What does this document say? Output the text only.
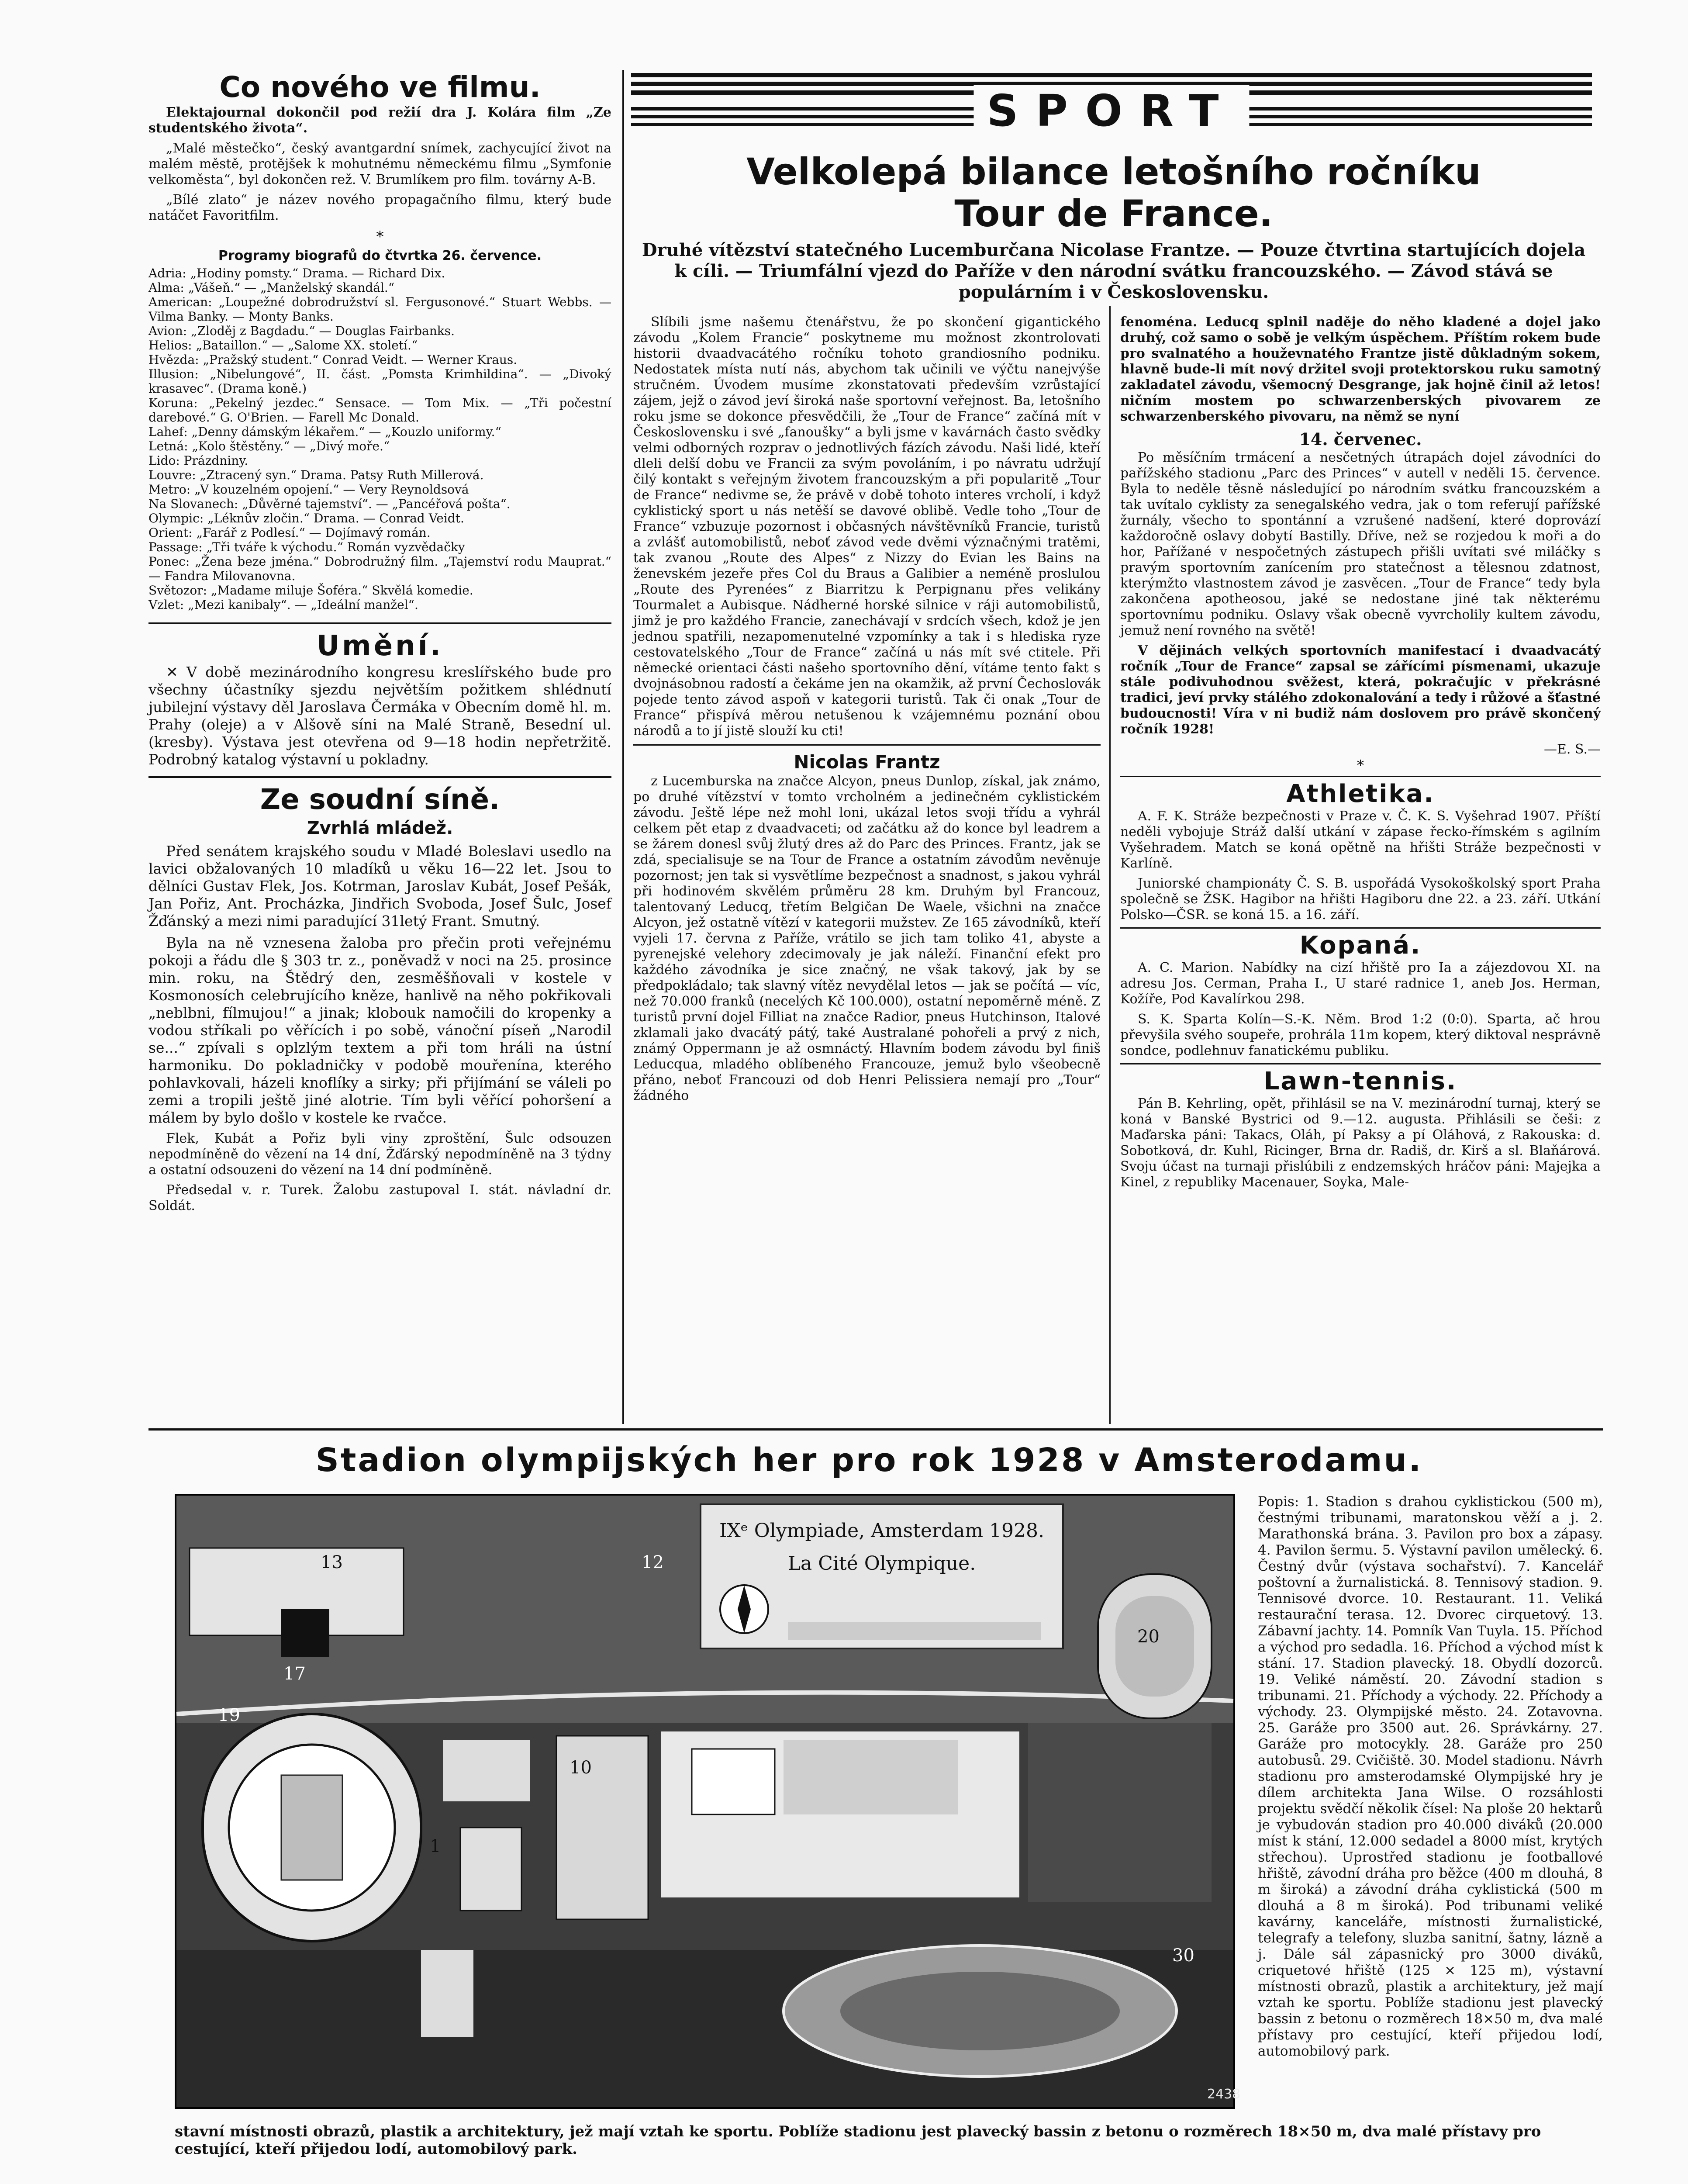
Co nového ve filmu.

Elektajournal dokončil pod režií dra J. Kolára film „Ze studentského života“.

„Malé městečko“, český avantgardní snímek, zachycující život na malém městě, protějšek k mohutnému německému filmu „Symfonie velkoměsta“, byl dokončen rež. V. Brumlíkem pro film. továrny A-B.

„Bílé zlato“ je název nového propagačního filmu, který bude natáčet Favoritfilm.

*
Programy biografů do čtvrtka 26. července.

Adria: „Hodiny pomsty.“ Drama. — Richard Dix.

Alma: „Vášeň.“ — „Manželský skandál.“

American: „Loupežné dobrodružství sl. Fergusonové.“ Stuart Webbs. — Vilma Banky. — Monty Banks.

Avion: „Zloděj z Bagdadu.“ — Douglas Fairbanks.

Helios: „Bataillon.“ — „Salome XX. století.“

Hvězda: „Pražský student.“ Conrad Veidt. — Werner Kraus.

Illusion: „Nibelungové“, II. část. „Pomsta Krimhildina“. — „Divoký krasavec“. (Drama koně.)

Koruna: „Pekelný jezdec.“ Sensace. — Tom Mix. — „Tři počestní darebové.“ G. O'Brien. — Farell Mc Donald.

Lahef: „Denny dámským lékařem.“ — „Kouzlo uniformy.“

Letná: „Kolo štěstěny.“ — „Divý moře.“

Lido: Prázdniny.

Louvre: „Ztracený syn.“ Drama. Patsy Ruth Millerová.

Metro: „V kouzelném opojení.“ — Very Reynoldsová

Na Slovanech: „Důvěrné tajemství“. — „Pancéřová pošta“.

Olympic: „Léknův zločin.“ Drama. — Conrad Veidt.

Orient: „Farář z Podlesí.“ — Dojímavý román.

Passage: „Tři tváře k východu.“ Román vyzvědačky

Ponec: „Žena beze jména.“ Dobrodružný film. „Tajemství rodu Mauprat.“ — Fandra Milovanovna.

Světozor: „Madame miluje Šoféra.“ Skvělá komedie.

Vzlet: „Mezi kanibaly“. — „Ideální manžel“.

Umění.

✕ V době mezinárodního kongresu kreslířského bude pro všechny účastníky sjezdu největším požitkem shlédnutí jubilejní výstavy děl Jaroslava Čermáka v Obecním domě hl. m. Prahy (oleje) a v Alšově síni na Malé Straně, Besední ul. (kresby). Výstava jest otevřena od 9—18 hodin nepřetržitě. Podrobný katalog výstavní u pokladny.

Ze soudní síně.
Zvrhlá mládež.

Před senátem krajského soudu v Mladé Boleslavi usedlo na lavici obžalovaných 10 mladíků u věku 16—22 let. Jsou to dělníci Gustav Flek, Jos. Kotrman, Jaroslav Kubát, Josef Pešák, Jan Pořiz, Ant. Procházka, Jindřich Svoboda, Josef Šulc, Josef Žďánský a mezi nimi paradující 31letý Frant. Smutný.

Byla na ně vznesena žaloba pro přečin proti veřejnému pokoji a řádu dle § 303 tr. z., poněvadž v noci na 25. prosince min. roku, na Štědrý den, zesměšňovali v kostele v Kosmonosích celebrujícího kněze, hanlivě na něho pokřikovali „neblbni, fílmujou!“ a jinak; klobouk namočili do kropenky a vodou stříkali po věřících i po sobě, vánoční píseň „Narodil se...“ zpívali s oplzlým textem a při tom hráli na ústní harmoniku. Do pokladničky v podobě mouřenína, kterého pohlavkovali, házeli knoflíky a sirky; při přijímání se váleli po zemi a tropili ještě jiné alotrie. Tím byli věřící pohoršení a málem by bylo došlo v kostele ke rvačce.

Flek, Kubát a Pořiz byli viny zproštění, Šulc odsouzen nepodmíněně do vězení na 14 dní, Žďárský nepodmíněně na 3 týdny a ostatní odsouzeni do vězení na 14 dní podmíněně.

Předsedal v. r. Turek. Žalobu zastupoval I. stát. návladní dr. Soldát.

SPORT
Velkolepá bilance letošního ročníku
Tour de France.
Druhé vítězství statečného Lucemburčana Nicolase Frantze. — Pouze čtvrtina startujících dojela k cíli. — Triumfální vjezd do Paříže v den národní svátku francouzského. — Závod stává se populárním i v Československu.

Slíbili jsme našemu čtenářstvu, že po skončení gigantického závodu „Kolem Francie“ poskytneme mu možnost zkontrolovati historii dvaadvacátého ročníku tohoto grandiosního podniku. Nedostatek místa nutí nás, abychom tak učinili ve výčtu nanejvýše stručném. Úvodem musíme zkonstatovati především vzrůstající zájem, jejž o závod jeví široká naše sportovní veřejnost. Ba, letošního roku jsme se dokonce přesvědčili, že „Tour de France“ začíná mít v Československu i své „fanoušky“ a byli jsme v kavárnách často svědky velmi odborných rozprav o jednotlivých fázích závodu. Naši lidé, kteří dleli delší dobu ve Francii za svým povoláním, i po návratu udržují čilý kontakt s veřejným životem francouzským a při popularitě „Tour de France“ nedivme se, že právě v době tohoto interes vrcholí, i když cyklistický sport u nás netěší se davové oblibě. Vedle toho „Tour de France“ vzbuzuje pozornost i občasných návštěvníků Francie, turistů a zvlášť automobilistů, neboť závod vede dvěmi význačnými tratěmi, tak zvanou „Route des Alpes“ z Nizzy do Evian les Bains na ženevském jezeře přes Col du Braus a Galibier a neméně proslulou „Route des Pyrenées“ z Biarritzu k Perpignanu přes velikány Tourmalet a Aubisque. Nádherné horské silnice v ráji automobilistů, jimž je pro každého Francie, zanechávají v srdcích všech, kdož je jen jednou spatřili, nezapomenutelné vzpomínky a tak i s hlediska ryze cestovatelského „Tour de France“ začíná u nás mít své ctitele. Při německé orientaci části našeho sportovního dění, vítáme tento fakt s dvojnásobnou radostí a čekáme jen na okamžik, až první Čechoslovák pojede tento závod aspoň v kategorii turistů. Tak či onak „Tour de France“ přispívá měrou netušenou k vzájemnému poznání obou národů a to jí jistě slouží ku cti!

Nicolas Frantz

z Lucemburska na značce Alcyon, pneus Dunlop, získal, jak známo, po druhé vítězství v tomto vrcholném a jedinečném cyklistickém závodu. Ještě lépe než mohl loni, ukázal letos svoji třídu a vyhrál celkem pět etap z dvaadvaceti; od začátku až do konce byl leadrem a se žárem donesl svůj žlutý dres až do Parc des Princes. Frantz, jak se zdá, specialisuje se na Tour de France a ostatním závodům nevěnuje pozornost; jen tak si vysvětlíme bezpečnost a snadnost, s jakou vyhrál při hodinovém skvělém průměru 28 km. Druhým byl Francouz, talentovaný Leducq, třetím Belgičan De Waele, všichni na značce Alcyon, jež ostatně vítězí v kategorii mužstev. Ze 165 závodníků, kteří vyjeli 17. června z Paříže, vrátilo se jich tam toliko 41, abyste a pyrenejské velehory zdecimovaly je jak náleží. Finanční efekt pro každého závodníka je sice značný, ne však takový, jak by se předpokládalo; tak slavný vítěz nevydělal letos — jak se počítá — víc, než 70.000 franků (necelých Kč 100.000), ostatní nepoměrně méně. Z turistů první dojel Filliat na značce Radior, pneus Hutchinson, Italové zklamali jako dvacátý pátý, také Australané pohořeli a prvý z nich, známý Oppermann je až osmnáctý. Hlavním bodem závodu byl finiš Leducqua, mladého oblíbeného Francouze, jemuž bylo všeobecně přáno, neboť Francouzi od dob Henri Pelissiera nemají pro „Tour“ žádného

fenoména. Leducq splnil naděje do něho kladené a dojel jako druhý, což samo o sobě je velkým úspěchem. Příštím rokem bude pro svalnatého a houževnatého Frantze jistě důkladným sokem, hlavně bude-li mít nový držitel svoji protektorskou ruku samotný zakladatel závodu, všemocný Desgrange, jak hojně činil až letos! ničním mostem po schwarzenberských pivovarem ze schwarzenberského pivovaru, na němž se nyní

14. červenec.

Po měsíčním trmácení a nesčetných útrapách dojel závodníci do pařížského stadionu „Parc des Princes“ v autell v neděli 15. července. Byla to neděle těsně následující po národním svátku francouzském a tak uvítalo cyklisty za senegalského vedra, jak o tom referují pařížské žurnály, všecho to spontánní a vzrušené nadšení, které doprovází každoročně oslavy dobytí Bastilly. Dříve, než se rozjedou k moři a do hor, Pařížané v nespočetných zástupech přišli uvítati své miláčky s pravým sportovním zanícením pro statečnost a tělesnou zdatnost, kterýmžto vlastnostem závod je zasvěcen. „Tour de France“ tedy byla zakončena apotheosou, jaké se nedostane jiné tak některému sportovnímu podniku. Oslavy však obecně vyvrcholily kultem závodu, jemuž není rovného na světě!

V dějinách velkých sportovních manifestací i dvaadvacátý ročník „Tour de France“ zapsal se zářícími písmenami, ukazuje stále podivuhodnou svěžest, která, pokračujíc v překrásné tradici, jeví prvky stálého zdokonalování a tedy i růžové a šťastné budoucnosti! Víra v ni budiž nám doslovem pro právě skončený ročník 1928!

—E. S.—
*
Athletika.

A. F. K. Stráže bezpečnosti v Praze v. Č. K. S. Vyšehrad 1907. Příští neděli vybojuje Stráž další utkání v zápase řecko-římském s agilním Vyšehradem. Match se koná opětně na hřišti Stráže bezpečnosti v Karlíně.

Juniorské championáty Č. S. B. uspořádá Vysokoškolský sport Praha společně se ŽSK. Hagibor na hřišti Hagiboru dne 22. a 23. září. Utkání Polsko—ČSR. se koná 15. a 16. září.

Kopaná.

A. C. Marion. Nabídky na cizí hřiště pro Ia a zájezdovou XI. na adresu Jos. Cerman, Praha I., U staré radnice 1, aneb Jos. Herman, Kožíře, Pod Kavalírkou 298.

S. K. Sparta Kolín—S.-K. Něm. Brod 1:2 (0:0). Sparta, ač hrou převyšila svého soupeře, prohrála 11m kopem, který diktoval nesprávně sondce, podlehnuv fanatickému publiku.

Lawn-tennis.

Pán B. Kehrling, opět, přihlásil se na V. mezinárodní turnaj, který se koná v Banské Bystrici od 9.—12. augusta. Přihlásili se češi: z Maďarska páni: Takacs, Oláh, pí Paksy a pí Oláhová, z Rakouska: d. Sobotková, dr. Kuhl, Ricinger, Brna dr. Radiš, dr. Kirš a sl. Blaňárová. Svoju účast na turnaji přislúbili z endzemských hráčov páni: Majejka a Kinel, z republiky Macenauer, Soyka, Male-

Stadion olympijských her pro rok 1928 v Amsterodamu.
IXᵉ Olympiade, Amsterdam 1928.
La Cité Olympique.
2438
13
17
19
12
1
10
20
30
Popis: 1. Stadion s drahou cyklistickou (500 m), čestnými tribunami, maratonskou věží a j. 2. Marathonská brána. 3. Pavilon pro box a zápasy. 4. Pavilon šermu. 5. Výstavní pavilon umělecký. 6. Čestný dvůr (výstava sochařství). 7. Kancelář poštovní a žurnalistická. 8. Tennisový stadion. 9. Tennisové dvorce. 10. Restaurant. 11. Veliká restaurační terasa. 12. Dvorec cirquetový. 13. Zábavní jachty. 14. Pomník Van Tuyla. 15. Příchod a východ pro sedadla. 16. Příchod a východ míst k stání. 17. Stadion plavecký. 18. Obydlí dozorců. 19. Veliké náměstí. 20. Závodní stadion s tribunami. 21. Příchody a východy. 22. Příchody a východy. 23. Olympijské město. 24. Zotavovna. 25. Garáže pro 3500 aut. 26. Správkárny. 27. Garáže pro motocykly. 28. Garáže pro 250 autobusů. 29. Cvičiště. 30. Model stadionu. Návrh stadionu pro amsterodamské Olympijské hry je dílem architekta Jana Wilse. O rozsáhlosti projektu svědčí několik čísel: Na ploše 20 hektarů je vybudován stadion pro 40.000 diváků (20.000 míst k stání, 12.000 sedadel a 8000 míst, krytých střechou). Uprostřed stadionu je footballové hřiště, závodní dráha pro běžce (400 m dlouhá, 8 m široká) a závodní dráha cyklistická (500 m dlouhá a 8 m široká). Pod tribunami veliké kavárny, kanceláře, místnosti žurnalistické, telegrafy a telefony, sluzba sanitní, šatny, lázně a j. Dále sál zápasnický pro 3000 diváků, criquetové hřiště (125 × 125 m), výstavní místnosti obrazů, plastik a architektury, jež mají vztah ke sportu. Poblíže stadionu jest plavecký bassin z betonu o rozměrech 18×50 m, dva malé přístavy pro cestující, kteří přijedou lodí, automobilový park.
stavní místnosti obrazů, plastik a architektury, jež mají vztah ke sportu. Poblíže stadionu jest plavecký bassin z betonu o rozměrech 18×50 m, dva malé přístavy pro cestující, kteří přijedou lodí, automobilový park.
